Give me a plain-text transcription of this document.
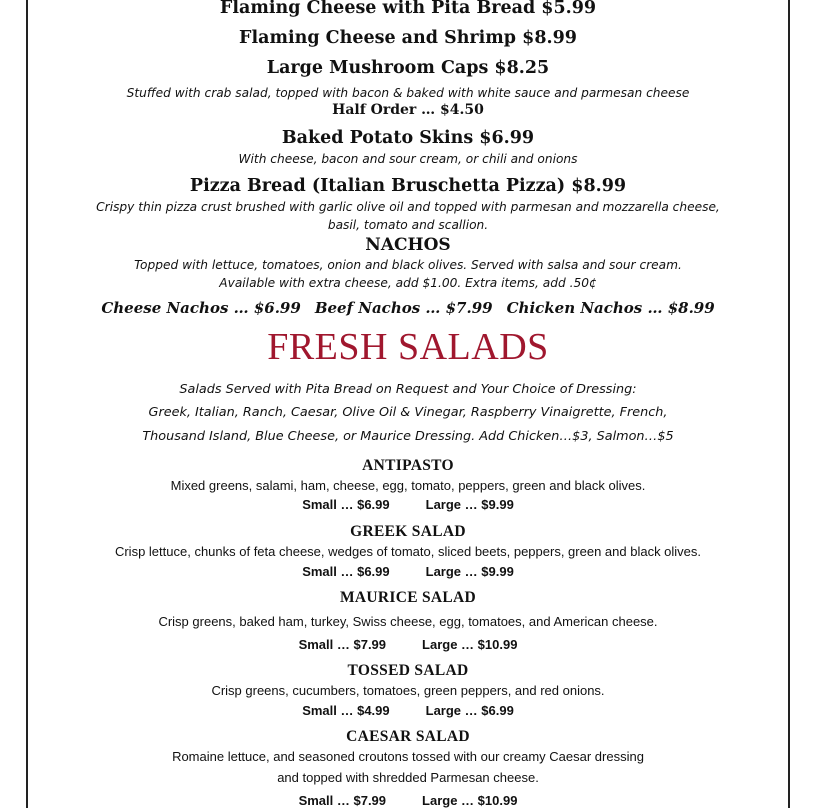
Flaming Cheese with Pita Bread $5.99
Flaming Cheese and Shrimp $8.99
Large Mushroom Caps $8.25
Stuffed with crab salad, topped with bacon & baked with white sauce and parmesan cheese
Half Order … $4.50
Baked Potato Skins $6.99
With cheese, bacon and sour cream, or chili and onions
Pizza Bread (Italian Bruschetta Pizza) $8.99
Crispy thin pizza crust brushed with garlic olive oil and topped with parmesan and mozzarella cheese,
basil, tomato and scallion.
NACHOS
Topped with lettuce, tomatoes, onion and black olives. Served with salsa and sour cream.
Available with extra cheese, add $1.00. Extra items, add .50¢
Cheese Nachos … $6.99 Beef Nachos … $7.99 Chicken Nachos … $8.99
FRESH SALADS
Salads Served with Pita Bread on Request and Your Choice of Dressing:
Greek, Italian, Ranch, Caesar, Olive Oil & Vinegar, Raspberry Vinaigrette, French,
Thousand Island, Blue Cheese, or Maurice Dressing. Add Chicken…$3, Salmon…$5
ANTIPASTO
Mixed greens, salami, ham, cheese, egg, tomato, peppers, green and black olives.
Small … $6.99	Large … $9.99
GREEK SALAD
Crisp lettuce, chunks of feta cheese, wedges of tomato, sliced beets, peppers, green and black olives.
Small … $6.99	Large … $9.99
MAURICE SALAD
Crisp greens, baked ham, turkey, Swiss cheese, egg, tomatoes, and American cheese.
Small … $7.99	Large … $10.99
TOSSED SALAD
Crisp greens, cucumbers, tomatoes, green peppers, and red onions.
Small … $4.99	Large … $6.99
CAESAR SALAD
Romaine lettuce, and seasoned croutons tossed with our creamy Caesar dressing
and topped with shredded Parmesan cheese.
Small … $7.99	Large … $10.99
